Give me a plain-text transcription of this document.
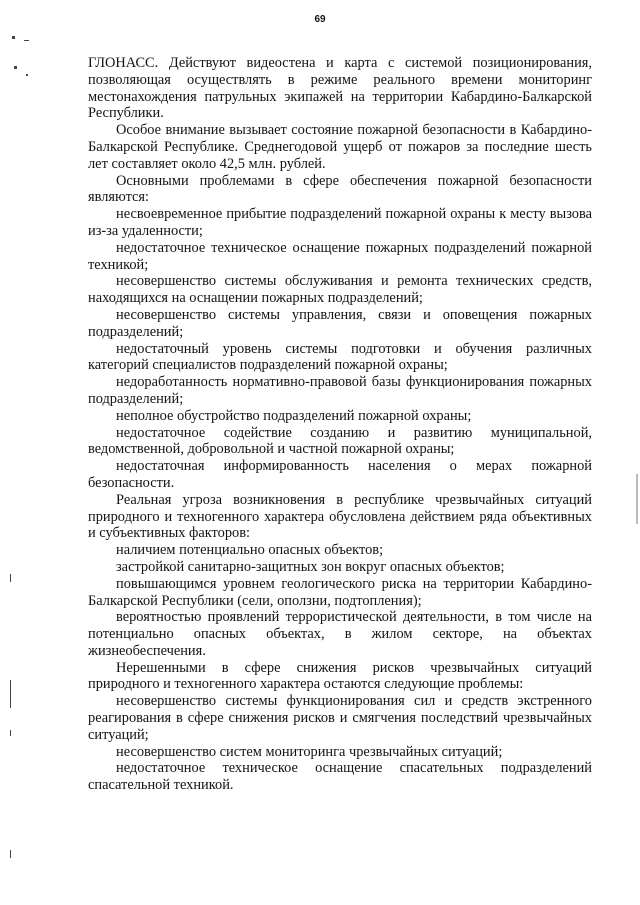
69

ГЛОНАСС. Действуют видеостена и карта с системой позиционирования, позволяющая осуществлять в режиме реального времени мониторинг местонахождения патрульных экипажей на территории Кабардино-Балкарской Республики.

Особое внимание вызывает состояние пожарной безопасности в Кабардино-Балкарской Республике. Среднегодовой ущерб от пожаров за последние шесть лет составляет около 42,5 млн. рублей.

Основными проблемами в сфере обеспечения пожарной безопасности являются:

несвоевременное прибытие подразделений пожарной охраны к месту вызова из-за удаленности;

недостаточное техническое оснащение пожарных подразделений пожарной техникой;

несовершенство системы обслуживания и ремонта технических средств, находящихся на оснащении пожарных подразделений;

несовершенство системы управления, связи и оповещения пожарных подразделений;

недостаточный уровень системы подготовки и обучения различных категорий специалистов подразделений пожарной охраны;

недоработанность нормативно-правовой базы функционирования пожарных подразделений;

неполное обустройство подразделений пожарной охраны;

недостаточное содействие созданию и развитию муниципальной, ведомственной, добровольной и частной пожарной охраны;

недостаточная информированность населения о мерах пожарной безопасности.

Реальная угроза возникновения в республике чрезвычайных ситуаций природного и техногенного характера обусловлена действием ряда объективных и субъективных факторов:

наличием потенциально опасных объектов;

застройкой санитарно-защитных зон вокруг опасных объектов;

повышающимся уровнем геологического риска на территории Кабардино-Балкарской Республики (сели, оползни, подтопления);

вероятностью проявлений террористической деятельности, в том числе на потенциально опасных объектах, в жилом секторе, на объектах жизнеобеспечения.

Нерешенными в сфере снижения рисков чрезвычайных ситуаций природного и техногенного характера остаются следующие проблемы:

несовершенство системы функционирования сил и средств экстренного реагирования в сфере снижения рисков и смягчения последствий чрезвычайных ситуаций;

несовершенство систем мониторинга чрезвычайных ситуаций;

недостаточное техническое оснащение спасательных подразделений спасательной техникой.
